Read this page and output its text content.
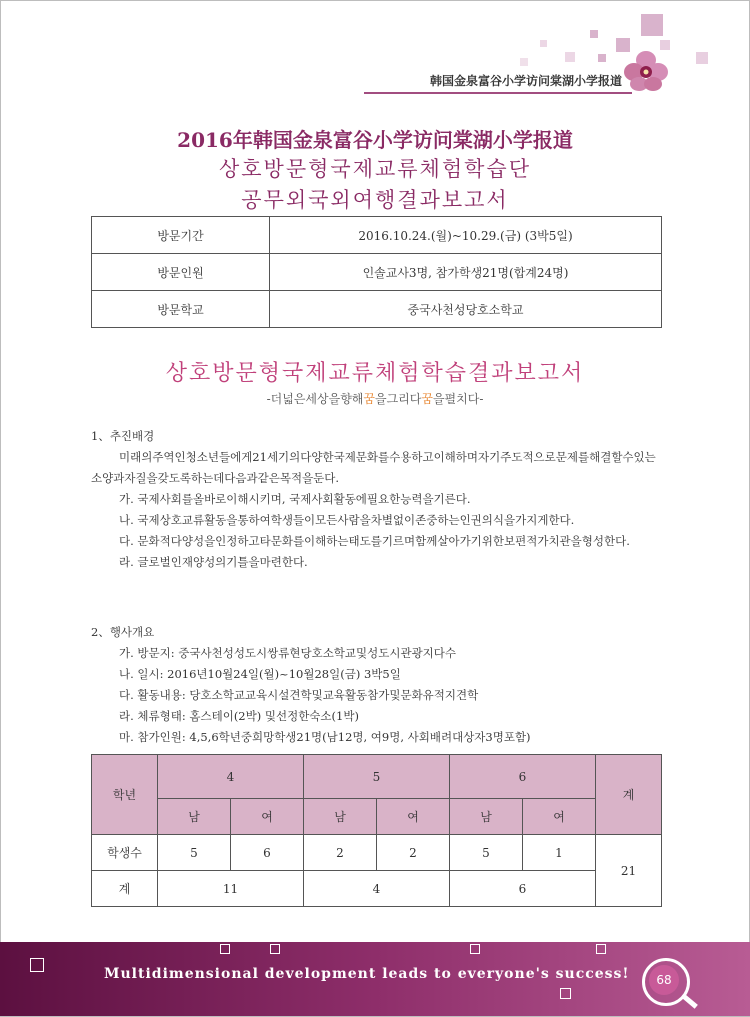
韩国金泉富谷小学访问棠湖小学报道
2016年韩国金泉富谷小学访问棠湖小学报道
상호방문형국제교류체험학습단
공무외국외여행결과보고서
방문기간	2016.10.24.(월)~10.29.(금) (3박5일)
방문인원	인솔교사3명, 참가학생21명(합계24명)
방문학교	중국사천성당호소학교
상호방문형국제교류체험학습결과보고서
-더넓은세상을향해꿈을그리다꿈을펼치다-

1、추진배경

미래의주역인청소년들에게21세기의다양한국제문화를수용하고이해하며자기주도적으로문제를해결할수있는소양과자질을갖도록하는데다음과같은목적을둔다.

가. 국제사회를올바로이해시키며, 국제사회활동에필요한능력을기른다.

나. 국제상호교류활동을통하여학생들이모든사람을차별없이존중하는인권의식을가지게한다.

다. 문화적다양성을인정하고타문화를이해하는태도를기르며함께살아가기위한보편적가치관을형성한다.

라. 글로벌인재양성의기틀을마련한다.

2、행사개요

가. 방문지: 중국사천성성도시쌍류현당호소학교및성도시관광지다수

나. 일시: 2016년10월24일(월)~10월28일(금) 3박5일

다. 활동내용: 당호소학교교육시설견학및교육활동참가및문화유적지견학

라. 체류형태: 홈스테이(2박) 및선정한숙소(1박)

마. 참가인원: 4,5,6학년중희망학생21명(남12명, 여9명, 사회배려대상자3명포함)

학년	4		5		6		계
	남	여	남	여	남	여	
학생수	5	6	2	2	5	1	21
계	11		4		6		
Multidimensional development leads to everyone's success!	68
